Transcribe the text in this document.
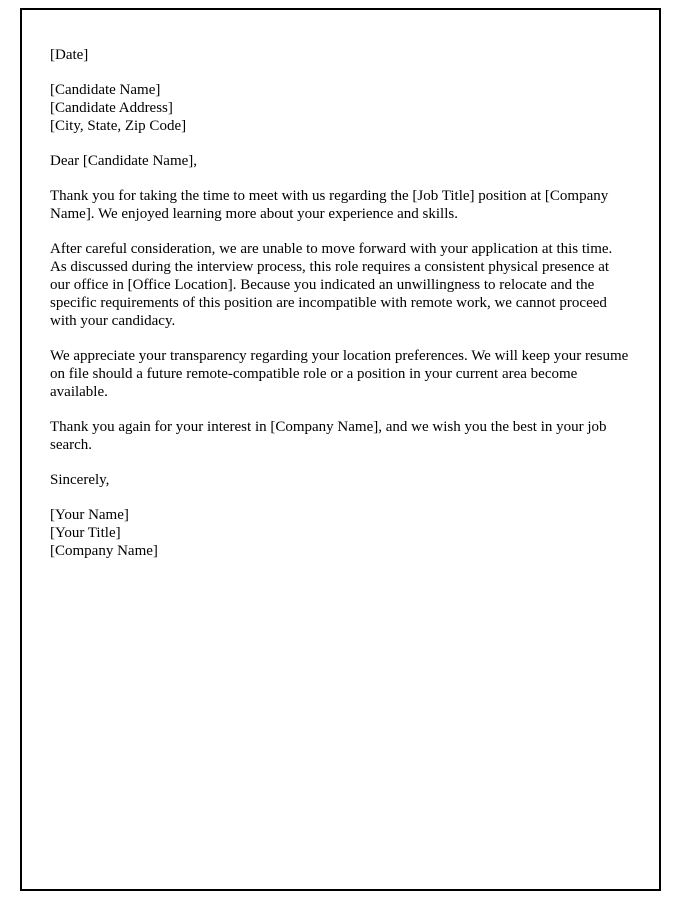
[Date]

[Candidate Name]
[Candidate Address]
[City, State, Zip Code]

Dear [Candidate Name],

Thank you for taking the time to meet with us regarding the [Job Title] position at [Company Name]. We enjoyed learning more about your experience and skills.

After careful consideration, we are unable to move forward with your application at this time. As discussed during the interview process, this role requires a consistent physical presence at our office in [Office Location]. Because you indicated an unwillingness to relocate and the specific requirements of this position are incompatible with remote work, we cannot proceed with your candidacy.

We appreciate your transparency regarding your location preferences. We will keep your resume on file should a future remote-compatible role or a position in your current area become available.

Thank you again for your interest in [Company Name], and we wish you the best in your job search.

Sincerely,

[Your Name]
[Your Title]
[Company Name]
